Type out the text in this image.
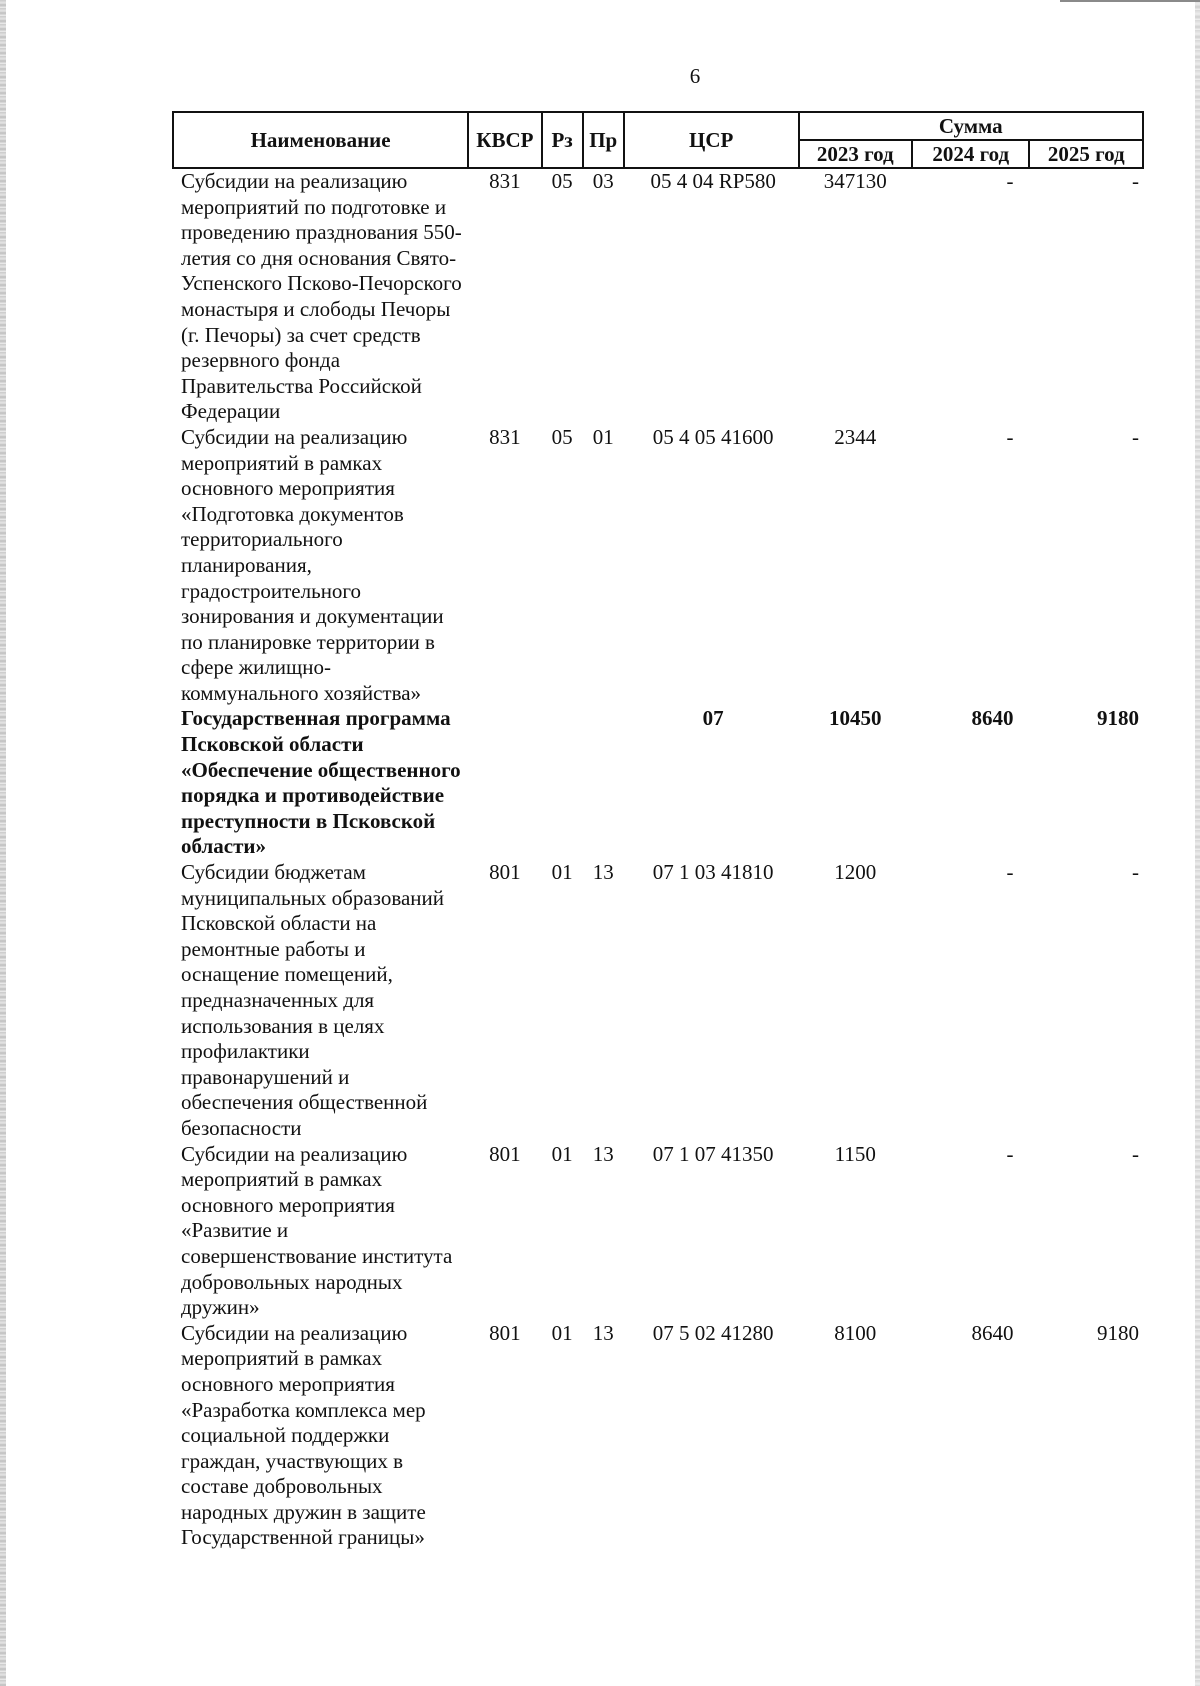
6
Наименование	КВСР	Рз	Пр	ЦСР	Сумма		
					2023 год	2024 год	2025 год
Субсидии на реализацию мероприятий по подготовке и проведению празднования 550-летия со дня основания Свято-Успенского Псково-Печорского монастыря и слободы Печоры (г. Печоры) за счет средств резервного фонда Правительства Российской Федерации	831	05	03	05 4 04 RP580	347130	-	-
Субсидии на реализацию мероприятий в рамках основного мероприятия «Подготовка документов территориального планирования, градостроительного зонирования и документации по планировке территории в сфере жилищно-коммунального хозяйства»	831	05	01	05 4 05 41600	2344	-	-
Государственная программа Псковской области «Обеспечение общественного порядка и противодействие преступности в Псковской области»				07	10450	8640	9180
Субсидии бюджетам муниципальных образований Псковской области на ремонтные работы и оснащение помещений, предназначенных для использования в целях профилактики правонарушений и обеспечения общественной безопасности	801	01	13	07 1 03 41810	1200	-	-
Субсидии на реализацию мероприятий в рамках основного мероприятия «Развитие и совершенствование института добровольных народных дружин»	801	01	13	07 1 07 41350	1150	-	-
Субсидии на реализацию мероприятий в рамках основного мероприятия «Разработка комплекса мер социальной поддержки граждан, участвующих в составе добровольных народных дружин в защите Государственной границы»	801	01	13	07 5 02 41280	8100	8640	9180
